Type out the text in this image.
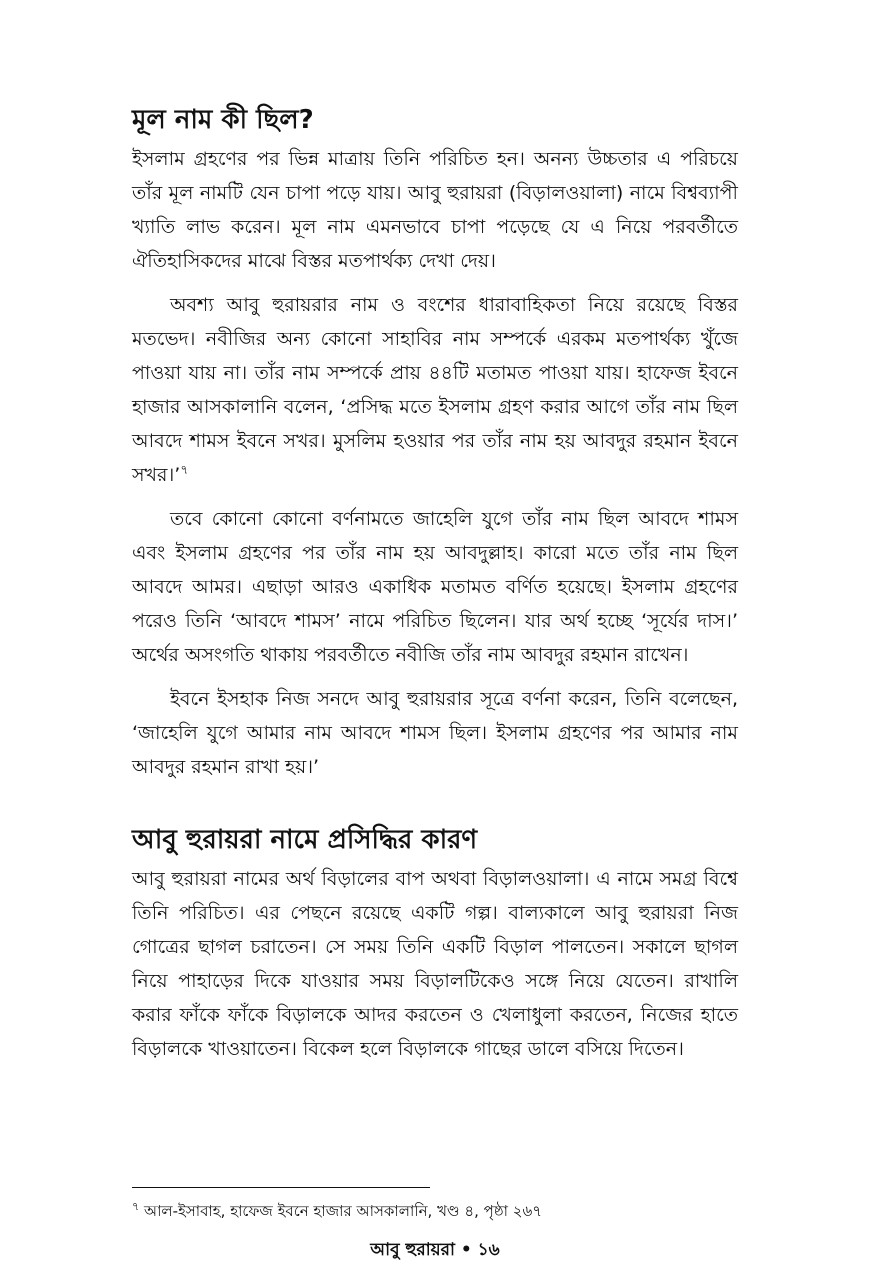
মূল নাম কী ছিল?

ইসলাম গ্রহণের পর ভিন্ন মাত্রায় তিনি পরিচিত হন। অনন্য উচ্চতার এ পরিচয়ে তাঁর মূল নামটি যেন চাপা পড়ে যায়। আবু হুরায়রা (বিড়ালওয়ালা) নামে বিশ্বব্যাপী খ্যাতি লাভ করেন। মূল নাম এমনভাবে চাপা পড়েছে যে এ নিয়ে পরবর্তীতে ঐতিহাসিকদের মাঝে বিস্তর মতপার্থক্য দেখা দেয়।

অবশ্য আবু হুরায়রার নাম ও বংশের ধারাবাহিকতা নিয়ে রয়েছে বিস্তর মতভেদ। নবীজির অন্য কোনো সাহাবির নাম সম্পর্কে এরকম মতপার্থক্য খুঁজে পাওয়া যায় না। তাঁর নাম সম্পর্কে প্রায় ৪৪টি মতামত পাওয়া যায়। হাফেজ ইবনে হাজার আসকালানি বলেন, ‘প্রসিদ্ধ মতে ইসলাম গ্রহণ করার আগে তাঁর নাম ছিল আবদে শামস ইবনে সখর। মুসলিম হওয়ার পর তাঁর নাম হয় আবদুর রহমান ইবনে সখর।’$^৭$

তবে কোনো কোনো বর্ণনামতে জাহেলি যুগে তাঁর নাম ছিল আবদে শামস এবং ইসলাম গ্রহণের পর তাঁর নাম হয় আবদুল্লাহ। কারো মতে তাঁর নাম ছিল আবদে আমর। এছাড়া আরও একাধিক মতামত বর্ণিত হয়েছে। ইসলাম গ্রহণের পরেও তিনি ‘আবদে শামস’ নামে পরিচিত ছিলেন। যার অর্থ হচ্ছে ‘সূর্যের দাস।’ অর্থের অসংগতি থাকায় পরবর্তীতে নবীজি তাঁর নাম আবদুর রহমান রাখেন।

ইবনে ইসহাক নিজ সনদে আবু হুরায়রার সূত্রে বর্ণনা করেন, তিনি বলেছেন, ‘জাহেলি যুগে আমার নাম আবদে শামস ছিল। ইসলাম গ্রহণের পর আমার নাম আবদুর রহমান রাখা হয়।’

আবু হুরায়রা নামে প্রসিদ্ধির কারণ

আবু হুরায়রা নামের অর্থ বিড়ালের বাপ অথবা বিড়ালওয়ালা। এ নামে সমগ্র বিশ্বে তিনি পরিচিত। এর পেছনে রয়েছে একটি গল্প। বাল্যকালে আবু হুরায়রা নিজ গোত্রের ছাগল চরাতেন। সে সময় তিনি একটি বিড়াল পালতেন। সকালে ছাগল নিয়ে পাহাড়ের দিকে যাওয়ার সময় বিড়ালটিকেও সঙ্গে নিয়ে যেতেন। রাখালি করার ফাঁকে ফাঁকে বিড়ালকে আদর করতেন ও খেলাধুলা করতেন, নিজের হাতে বিড়ালকে খাওয়াতেন। বিকেল হলে বিড়ালকে গাছের ডালে বসিয়ে দিতেন।

$^৭$ আল-ইসাবাহ, হাফেজ ইবনে হাজার আসকালানি, খণ্ড ৪, পৃষ্ঠা ২৬৭
আবু হুরায়রা • ১৬
